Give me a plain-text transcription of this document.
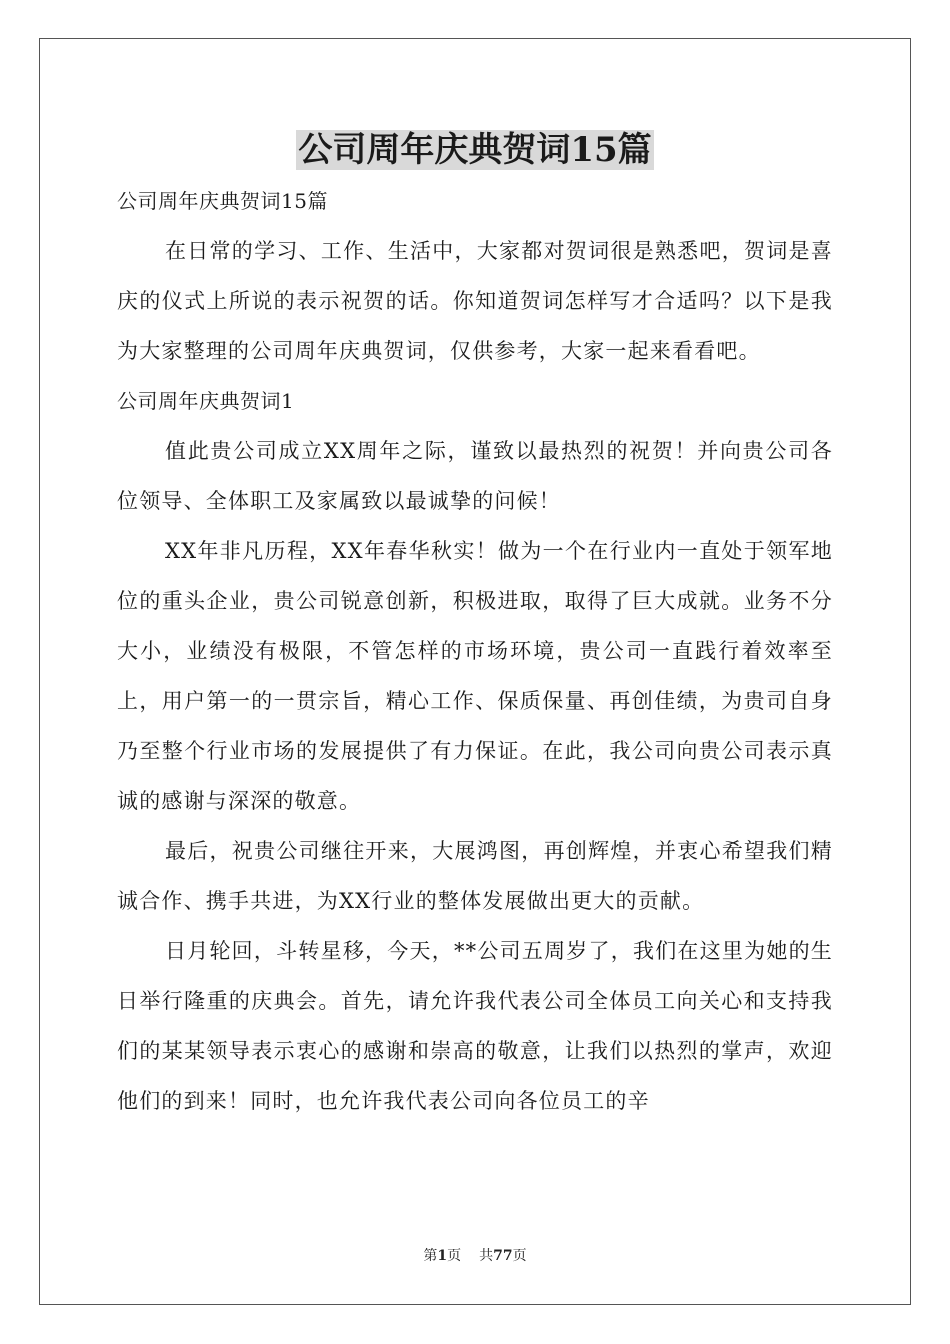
公司周年庆典贺词15篇

公司周年庆典贺词15篇

在日常的学习、工作、生活中，大家都对贺词很是熟悉吧，贺词是喜庆的仪式上所说的表示祝贺的话。你知道贺词怎样写才合适吗？以下是我为大家整理的公司周年庆典贺词，仅供参考，大家一起来看看吧。

公司周年庆典贺词1

值此贵公司成立XX周年之际，谨致以最热烈的祝贺！并向贵公司各位领导、全体职工及家属致以最诚挚的问候！

XX年非凡历程，XX年春华秋实！做为一个在行业内一直处于领军地位的重头企业，贵公司锐意创新，积极进取，取得了巨大成就。业务不分大小，业绩没有极限，不管怎样的市场环境，贵公司一直践行着效率至上，用户第一的一贯宗旨，精心工作、保质保量、再创佳绩，为贵司自身乃至整个行业市场的发展提供了有力保证。在此，我公司向贵公司表示真诚的感谢与深深的敬意。

最后，祝贵公司继往开来，大展鸿图，再创辉煌，并衷心希望我们精诚合作、携手共进，为XX行业的整体发展做出更大的贡献。

日月轮回，斗转星移，今天，**公司五周岁了，我们在这里为她的生日举行隆重的庆典会。首先，请允许我代表公司全体员工向关心和支持我们的某某领导表示衷心的感谢和崇高的敬意，让我们以热烈的掌声，欢迎他们的到来！同时，也允许我代表公司向各位员工的辛

第1页 共77页
